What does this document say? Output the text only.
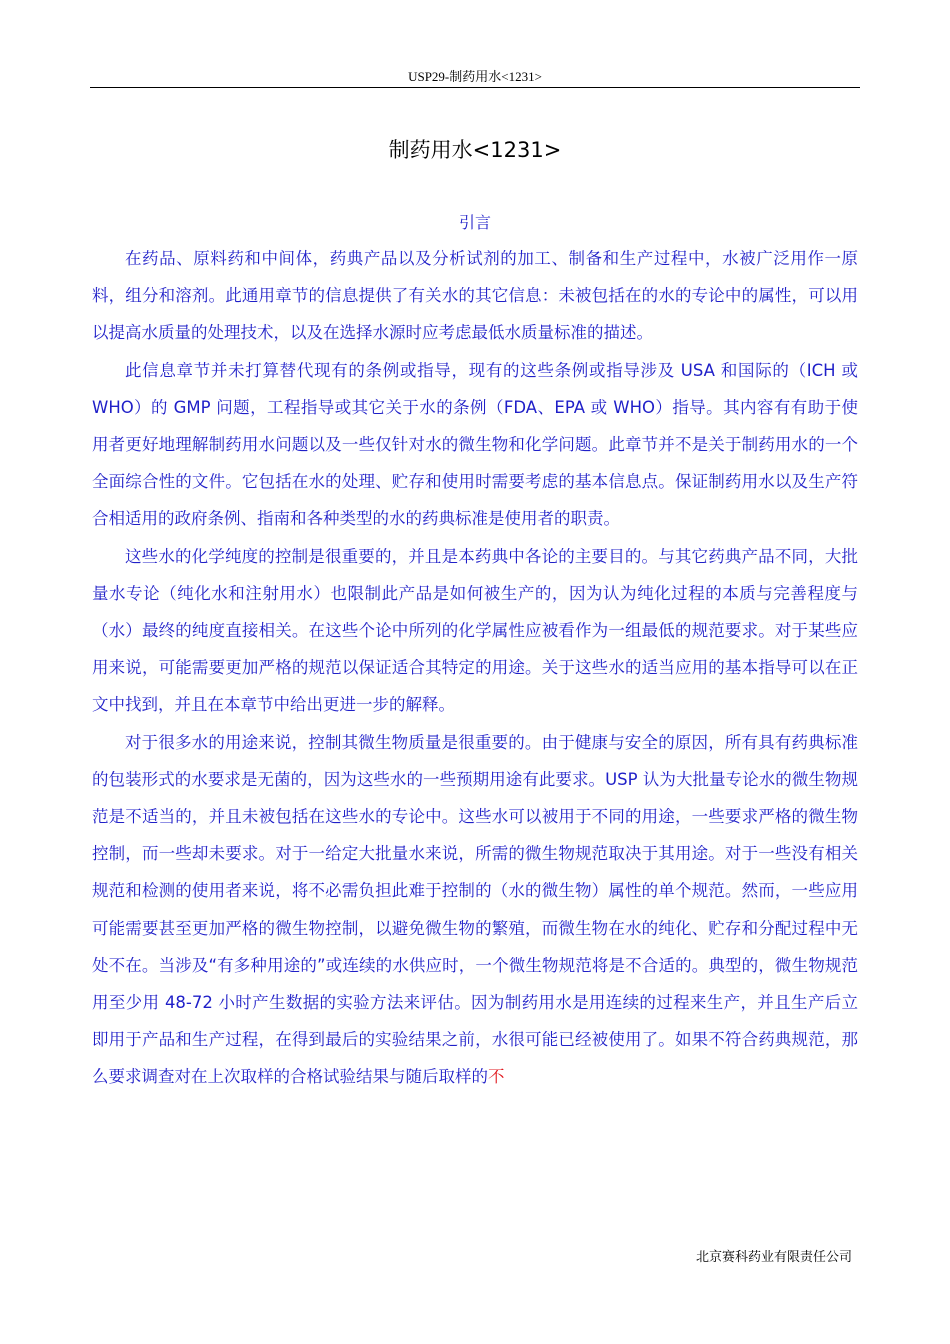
USP29-制药用水<1231>
制药用水<1231>
引言

在药品、原料药和中间体，药典产品以及分析试剂的加工、制备和生产过程中，水被广泛用作一原料，组分和溶剂。此通用章节的信息提供了有关水的其它信息：未被包括在的水的专论中的属性，可以用以提高水质量的处理技术，以及在选择水源时应考虑最低水质量标准的描述。

此信息章节并未打算替代现有的条例或指导，现有的这些条例或指导涉及 USA 和国际的（ICH 或 WHO）的 GMP 问题，工程指导或其它关于水的条例（FDA、EPA 或 WHO）指导。其内容有有助于使用者更好地理解制药用水问题以及一些仅针对水的微生物和化学问题。此章节并不是关于制药用水的一个全面综合性的文件。它包括在水的处理、贮存和使用时需要考虑的基本信息点。保证制药用水以及生产符合相适用的政府条例、指南和各种类型的水的药典标准是使用者的职责。

这些水的化学纯度的控制是很重要的，并且是本药典中各论的主要目的。与其它药典产品不同，大批量水专论（纯化水和注射用水）也限制此产品是如何被生产的，因为认为纯化过程的本质与完善程度与（水）最终的纯度直接相关。在这些个论中所列的化学属性应被看作为一组最低的规范要求。对于某些应用来说，可能需要更加严格的规范以保证适合其特定的用途。关于这些水的适当应用的基本指导可以在正文中找到，并且在本章节中给出更进一步的解释。

对于很多水的用途来说，控制其微生物质量是很重要的。由于健康与安全的原因，所有具有药典标准的包装形式的水要求是无菌的，因为这些水的一些预期用途有此要求。USP 认为大批量专论水的微生物规范是不适当的，并且未被包括在这些水的专论中。这些水可以被用于不同的用途，一些要求严格的微生物控制，而一些却未要求。对于一给定大批量水来说，所需的微生物规范取决于其用途。对于一些没有相关规范和检测的使用者来说，将不必需负担此难于控制的（水的微生物）属性的单个规范。然而，一些应用可能需要甚至更加严格的微生物控制，以避免微生物的繁殖，而微生物在水的纯化、贮存和分配过程中无处不在。当涉及“有多种用途的”或连续的水供应时，一个微生物规范将是不合适的。典型的，微生物规范用至少用 48-72 小时产生数据的实验方法来评估。因为制药用水是用连续的过程来生产，并且生产后立即用于产品和生产过程，在得到最后的实验结果之前，水很可能已经被使用了。如果不符合药典规范，那么要求调查对在上次取样的合格试验结果与随后取样的不

北京赛科药业有限责任公司
